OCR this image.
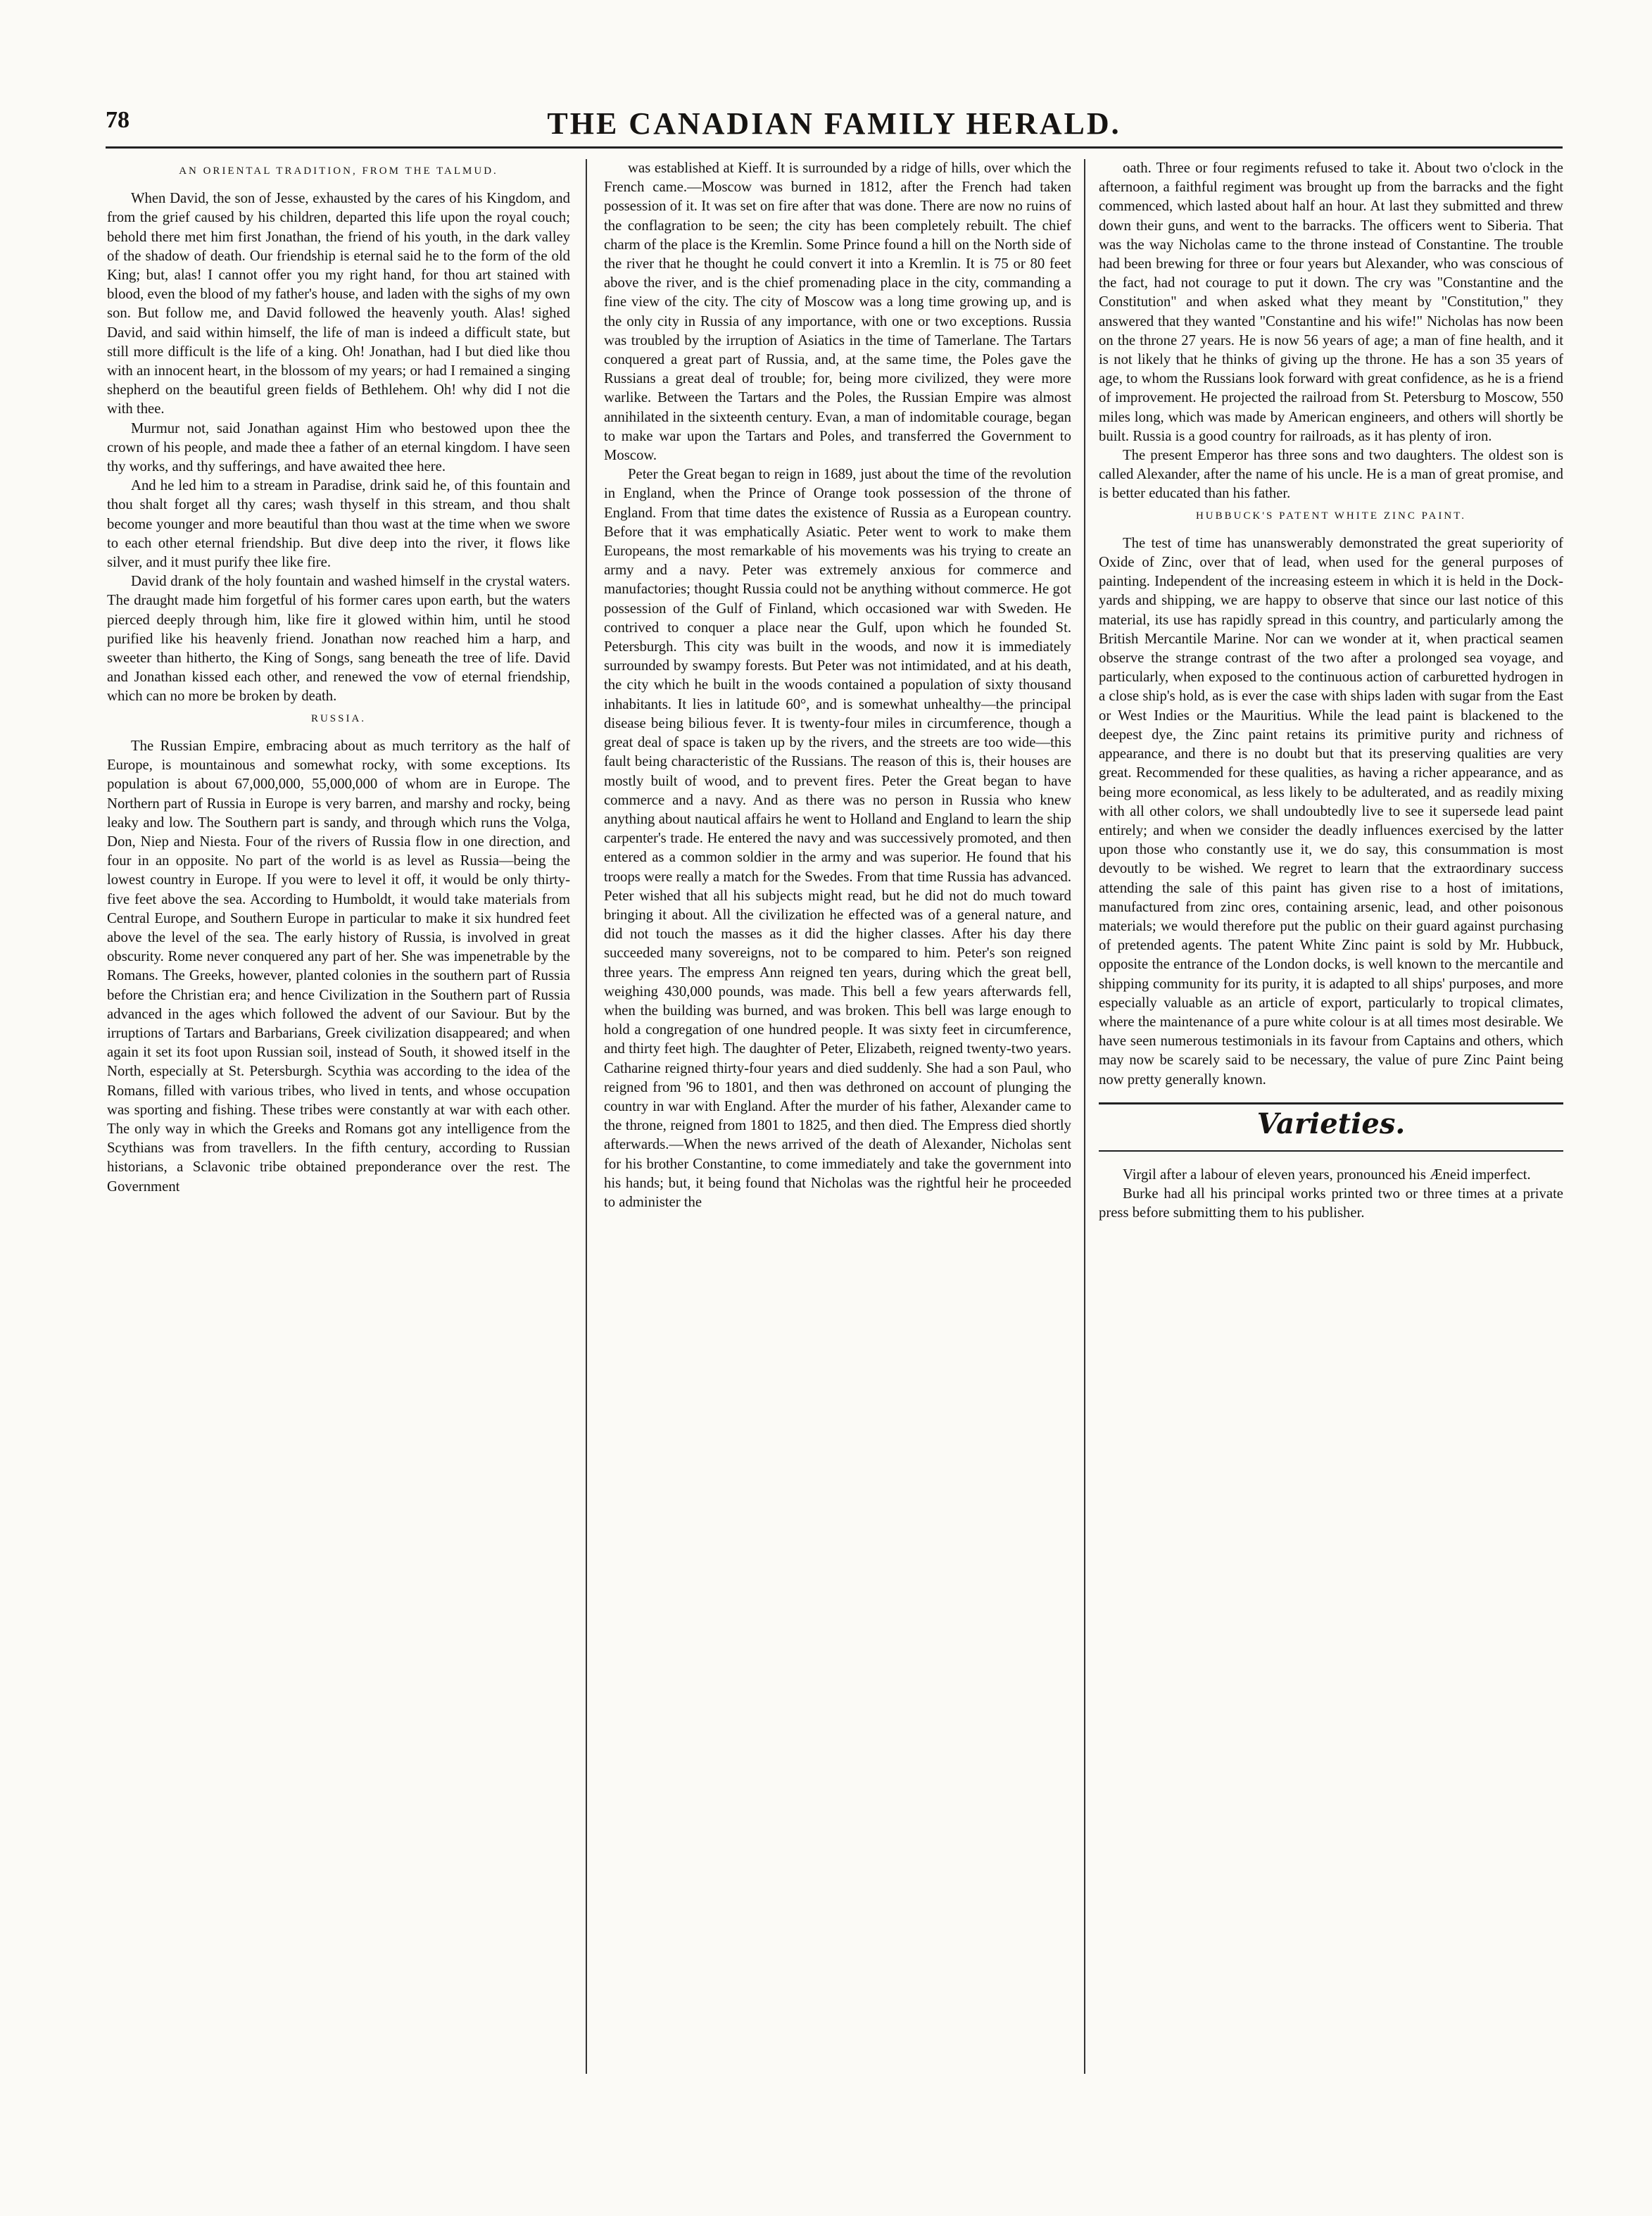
78	THE CANADIAN FAMILY HERALD.
AN ORIENTAL TRADITION, FROM THE TALMUD.

When David, the son of Jesse, exhausted by the cares of his Kingdom, and from the grief caused by his children, departed this life upon the royal couch; behold there met him first Jonathan, the friend of his youth, in the dark valley of the shadow of death. Our friendship is eternal said he to the form of the old King; but, alas! I cannot offer you my right hand, for thou art stained with blood, even the blood of my father's house, and laden with the sighs of my own son. But follow me, and David followed the heavenly youth. Alas! sighed David, and said within himself, the life of man is indeed a difficult state, but still more difficult is the life of a king. Oh! Jonathan, had I but died like thou with an innocent heart, in the blossom of my years; or had I remained a singing shepherd on the beautiful green fields of Bethlehem. Oh! why did I not die with thee.

Murmur not, said Jonathan against Him who bestowed upon thee the crown of his people, and made thee a father of an eternal kingdom. I have seen thy works, and thy sufferings, and have awaited thee here.

And he led him to a stream in Paradise, drink said he, of this fountain and thou shalt forget all thy cares; wash thyself in this stream, and thou shalt become younger and more beautiful than thou wast at the time when we swore to each other eternal friendship. But dive deep into the river, it flows like silver, and it must purify thee like fire.

David drank of the holy fountain and washed himself in the crystal waters. The draught made him forgetful of his former cares upon earth, but the waters pierced deeply through him, like fire it glowed within him, until he stood purified like his heavenly friend. Jonathan now reached him a harp, and sweeter than hitherto, the King of Songs, sang beneath the tree of life. David and Jonathan kissed each other, and renewed the vow of eternal friendship, which can no more be broken by death.

RUSSIA.

The Russian Empire, embracing about as much territory as the half of Europe, is mountainous and somewhat rocky, with some exceptions. Its population is about 67,000,000, 55,000,000 of whom are in Europe. The Northern part of Russia in Europe is very barren, and marshy and rocky, being leaky and low. The Southern part is sandy, and through which runs the Volga, Don, Niep and Niesta. Four of the rivers of Russia flow in one direction, and four in an opposite. No part of the world is as level as Russia—being the lowest country in Europe. If you were to level it off, it would be only thirty-five feet above the sea. According to Humboldt, it would take materials from Central Europe, and Southern Europe in particular to make it six hundred feet above the level of the sea. The early history of Russia, is involved in great obscurity. Rome never conquered any part of her. She was impenetrable by the Romans. The Greeks, however, planted colonies in the southern part of Russia before the Christian era; and hence Civilization in the Southern part of Russia advanced in the ages which followed the advent of our Saviour. But by the irruptions of Tartars and Barbarians, Greek civilization disappeared; and when again it set its foot upon Russian soil, instead of South, it showed itself in the North, especially at St. Petersburgh. Scythia was according to the idea of the Romans, filled with various tribes, who lived in tents, and whose occupation was sporting and fishing. These tribes were constantly at war with each other. The only way in which the Greeks and Romans got any intelligence from the Scythians was from travellers. In the fifth century, according to Russian historians, a Sclavonic tribe obtained preponderance over the rest. The Government

was established at Kieff. It is surrounded by a ridge of hills, over which the French came.—Moscow was burned in 1812, after the French had taken possession of it. It was set on fire after that was done. There are now no ruins of the conflagration to be seen; the city has been completely rebuilt. The chief charm of the place is the Kremlin. Some Prince found a hill on the North side of the river that he thought he could convert it into a Kremlin. It is 75 or 80 feet above the river, and is the chief promenading place in the city, commanding a fine view of the city. The city of Moscow was a long time growing up, and is the only city in Russia of any importance, with one or two exceptions. Russia was troubled by the irruption of Asiatics in the time of Tamerlane. The Tartars conquered a great part of Russia, and, at the same time, the Poles gave the Russians a great deal of trouble; for, being more civilized, they were more warlike. Between the Tartars and the Poles, the Russian Empire was almost annihilated in the sixteenth century. Evan, a man of indomitable courage, began to make war upon the Tartars and Poles, and transferred the Government to Moscow.

Peter the Great began to reign in 1689, just about the time of the revolution in England, when the Prince of Orange took possession of the throne of England. From that time dates the existence of Russia as a European country. Before that it was emphatically Asiatic. Peter went to work to make them Europeans, the most remarkable of his movements was his trying to create an army and a navy. Peter was extremely anxious for commerce and manufactories; thought Russia could not be anything without commerce. He got possession of the Gulf of Finland, which occasioned war with Sweden. He contrived to conquer a place near the Gulf, upon which he founded St. Petersburgh. This city was built in the woods, and now it is immediately surrounded by swampy forests. But Peter was not intimidated, and at his death, the city which he built in the woods contained a population of sixty thousand inhabitants. It lies in latitude 60°, and is somewhat unhealthy—the principal disease being bilious fever. It is twenty-four miles in circumference, though a great deal of space is taken up by the rivers, and the streets are too wide—this fault being characteristic of the Russians. The reason of this is, their houses are mostly built of wood, and to prevent fires. Peter the Great began to have commerce and a navy. And as there was no person in Russia who knew anything about nautical affairs he went to Holland and England to learn the ship carpenter's trade. He entered the navy and was successively promoted, and then entered as a common soldier in the army and was superior. He found that his troops were really a match for the Swedes. From that time Russia has advanced. Peter wished that all his subjects might read, but he did not do much toward bringing it about. All the civilization he effected was of a general nature, and did not touch the masses as it did the higher classes. After his day there succeeded many sovereigns, not to be compared to him. Peter's son reigned three years. The empress Ann reigned ten years, during which the great bell, weighing 430,000 pounds, was made. This bell a few years afterwards fell, when the building was burned, and was broken. This bell was large enough to hold a congregation of one hundred people. It was sixty feet in circumference, and thirty feet high. The daughter of Peter, Elizabeth, reigned twenty-two years. Catharine reigned thirty-four years and died suddenly. She had a son Paul, who reigned from '96 to 1801, and then was dethroned on account of plunging the country in war with England. After the murder of his father, Alexander came to the throne, reigned from 1801 to 1825, and then died. The Empress died shortly afterwards.—When the news arrived of the death of Alexander, Nicholas sent for his brother Constantine, to come immediately and take the government into his hands; but, it being found that Nicholas was the rightful heir he proceeded to administer the

oath. Three or four regiments refused to take it. About two o'clock in the afternoon, a faithful regiment was brought up from the barracks and the fight commenced, which lasted about half an hour. At last they submitted and threw down their guns, and went to the barracks. The officers went to Siberia. That was the way Nicholas came to the throne instead of Constantine. The trouble had been brewing for three or four years but Alexander, who was conscious of the fact, had not courage to put it down. The cry was "Constantine and the Constitution" and when asked what they meant by "Constitution," they answered that they wanted "Constantine and his wife!" Nicholas has now been on the throne 27 years. He is now 56 years of age; a man of fine health, and it is not likely that he thinks of giving up the throne. He has a son 35 years of age, to whom the Russians look forward with great confidence, as he is a friend of improvement. He projected the railroad from St. Petersburg to Moscow, 550 miles long, which was made by American engineers, and others will shortly be built. Russia is a good country for railroads, as it has plenty of iron.

The present Emperor has three sons and two daughters. The oldest son is called Alexander, after the name of his uncle. He is a man of great promise, and is better educated than his father.

HUBBUCK'S PATENT WHITE ZINC PAINT.

The test of time has unanswerably demonstrated the great superiority of Oxide of Zinc, over that of lead, when used for the general purposes of painting. Independent of the increasing esteem in which it is held in the Dock-yards and shipping, we are happy to observe that since our last notice of this material, its use has rapidly spread in this country, and particularly among the British Mercantile Marine. Nor can we wonder at it, when practical seamen observe the strange contrast of the two after a prolonged sea voyage, and particularly, when exposed to the continuous action of carburetted hydrogen in a close ship's hold, as is ever the case with ships laden with sugar from the East or West Indies or the Mauritius. While the lead paint is blackened to the deepest dye, the Zinc paint retains its primitive purity and richness of appearance, and there is no doubt but that its preserving qualities are very great. Recommended for these qualities, as having a richer appearance, and as being more economical, as less likely to be adulterated, and as readily mixing with all other colors, we shall undoubtedly live to see it supersede lead paint entirely; and when we consider the deadly influences exercised by the latter upon those who constantly use it, we do say, this consummation is most devoutly to be wished. We regret to learn that the extraordinary success attending the sale of this paint has given rise to a host of imitations, manufactured from zinc ores, containing arsenic, lead, and other poisonous materials; we would therefore put the public on their guard against purchasing of pretended agents. The patent White Zinc paint is sold by Mr. Hubbuck, opposite the entrance of the London docks, is well known to the mercantile and shipping community for its purity, it is adapted to all ships' purposes, and more especially valuable as an article of export, particularly to tropical climates, where the maintenance of a pure white colour is at all times most desirable. We have seen numerous testimonials in its favour from Captains and others, which may now be scarely said to be necessary, the value of pure Zinc Paint being now pretty generally known.

Varieties.

Virgil after a labour of eleven years, pronounced his Æneid imperfect.

Burke had all his principal works printed two or three times at a private press before submitting them to his publisher.
